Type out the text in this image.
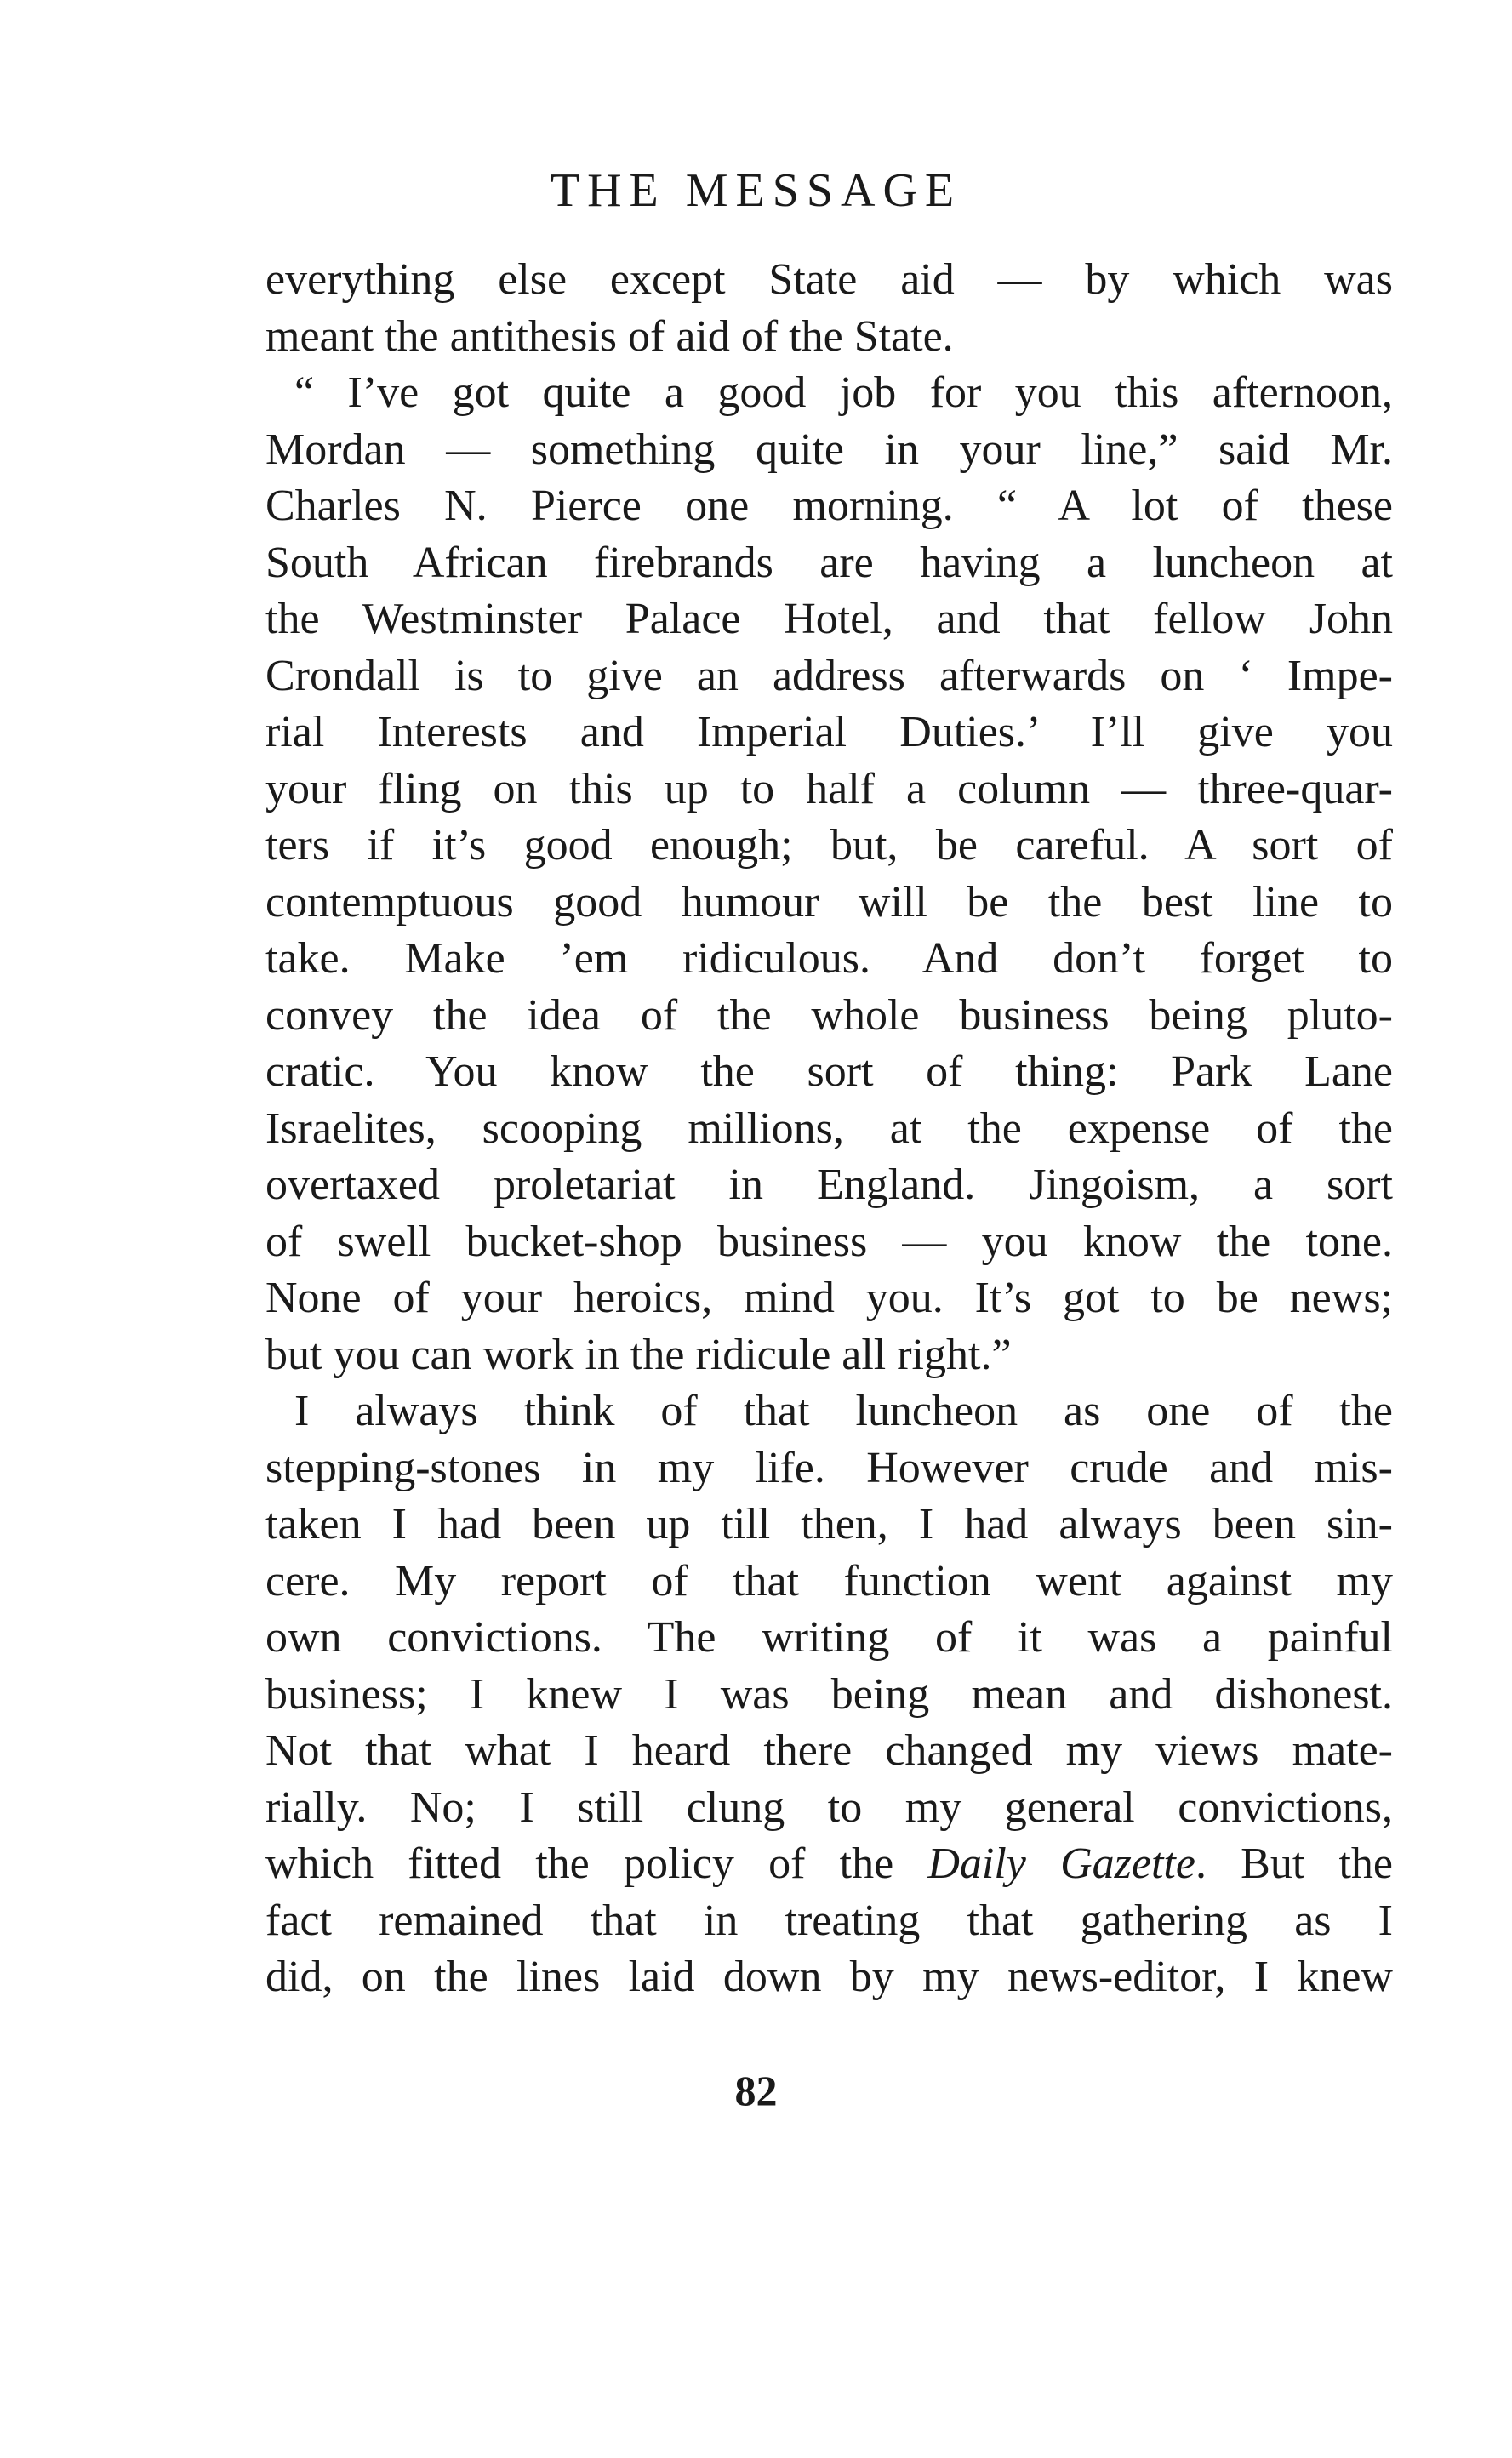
THE MESSAGE
everything else except State aid — by which was
meant the antithesis of aid of the State.
“ I’ve got quite a good job for you this afternoon,
Mordan — something quite in your line,” said Mr.
Charles N. Pierce one morning. “ A lot of these
South African firebrands are having a luncheon at
the Westminster Palace Hotel, and that fellow John
Crondall is to give an address afterwards on ‘ Impe-
rial Interests and Imperial Duties.’ I’ll give you
your fling on this up to half a column — three-quar-
ters if it’s good enough; but, be careful. A sort of
contemptuous good humour will be the best line to
take. Make ’em ridiculous. And don’t forget to
convey the idea of the whole business being pluto-
cratic. You know the sort of thing: Park Lane
Israelites, scooping millions, at the expense of the
overtaxed proletariat in England. Jingoism, a sort
of swell bucket-shop business — you know the tone.
None of your heroics, mind you. It’s got to be news;
but you can work in the ridicule all right.”
I always think of that luncheon as one of the
stepping-stones in my life. However crude and mis-
taken I had been up till then, I had always been sin-
cere. My report of that function went against my
own convictions. The writing of it was a painful
business; I knew I was being mean and dishonest.
Not that what I heard there changed my views mate-
rially. No; I still clung to my general convictions,
which fitted the policy of the Daily Gazette. But the
fact remained that in treating that gathering as I
did, on the lines laid down by my news-editor, I knew
82
